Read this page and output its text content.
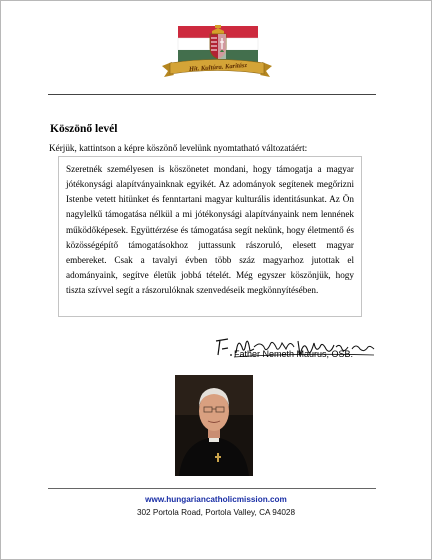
Hit. Kultúra. Karitász
Köszönő levél
Kérjük, kattintson a képre köszönő levelünk nyomtatható változatáért:

Szeretnék személyesen is köszönetet mondani, hogy támogatja a magyar jótékonysági alapítványainknak egyikét. Az adományok segítenek megőrizni Istenbe vetett hitünket és fenntartani magyar kulturális identitásunkat. Az Ön nagylelkű támogatása nélkül a mi jótékonysági alapítványaink nem lennének működőképesek. Együttérzése és támogatása segít nekünk, hogy életmentő és közösségépítő támogatásokhoz juttassunk rászoruló, elesett magyar embereket. Csak a tavalyi évben több száz magyarhoz jutottak el adományaink, segítve életük jobbá tételét. Még egyszer köszönjük, hogy tiszta szívvel segít a rászorulóknak szenvedéseik megkönnyítésében.

Father Nemeth Maurus, OSB.
www.hungariancatholicmission.com
302 Portola Road, Portola Valley, CA 94028
